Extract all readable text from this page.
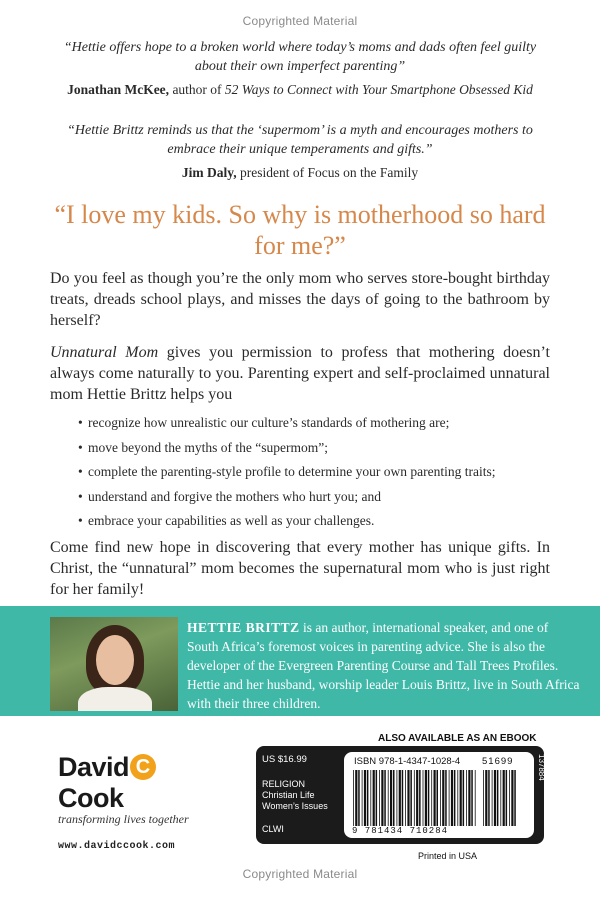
Copyrighted Material
“Hettie offers hope to a broken world where today’s moms and dads often feel guilty about their own imperfect parenting”
Jonathan McKee, author of 52 Ways to Connect with Your Smartphone Obsessed Kid
“Hettie Brittz reminds us that the ‘supermom’ is a myth and encourages mothers to embrace their unique temperaments and gifts.”
Jim Daly, president of Focus on the Family
“I love my kids. So why is motherhood so hard for me?”
Do you feel as though you’re the only mom who serves store-bought birthday treats, dreads school plays, and misses the days of going to the bathroom by herself?
Unnatural Mom gives you permission to profess that mothering doesn’t always come naturally to you. Parenting expert and self-proclaimed unnatural mom Hettie Brittz helps you
• recognize how unrealistic our culture’s standards of mothering are;
• move beyond the myths of the “supermom”;
• complete the parenting-style profile to determine your own parenting traits;
• understand and forgive the mothers who hurt you; and
• embrace your capabilities as well as your challenges.
Come find new hope in discovering that every mother has unique gifts. In Christ, the “unnatural” mom becomes the supernatural mom who is just right for her family!
HETTIE BRITTZ is an author, international speaker, and one of South Africa’s foremost voices in parenting advice. She is also the developer of the Evergreen Parenting Course and Tall Trees Profiles. Hettie and her husband, worship leader Louis Brittz, live in South Africa with their three children.
David CCook
transforming lives together
www.davidccook.com
ALSO AVAILABLE AS AN EBOOK
US $16.99
RELIGION
Christian Life
Women’s Issues
CLWI
ISBN 978-1-4347-1028-4 51699
9 781434 710284
137884
Printed in USA
Copyrighted Material
